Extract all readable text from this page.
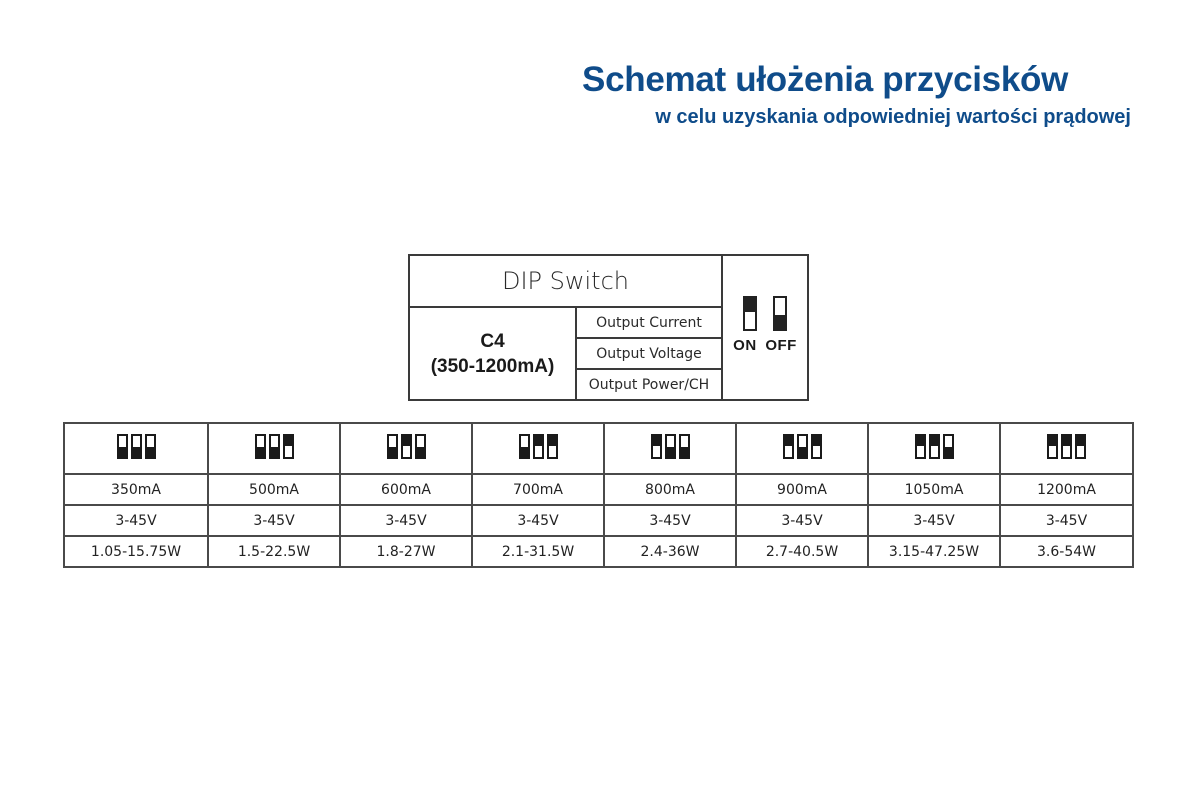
Schemat ułożenia przycisków
w celu uzyskania odpowiedniej wartości prądowej
DIP Switch
C4
(350-1200mA)
Output Current
Output Voltage
Output Power/CH
ON OFF

350mA	500mA	600mA	700mA	800mA	900mA	1050mA	1200mA
3-45V	3-45V	3-45V	3-45V	3-45V	3-45V	3-45V	3-45V
1.05-15.75W	1.5-22.5W	1.8-27W	2.1-31.5W	2.4-36W	2.7-40.5W	3.15-47.25W	3.6-54W
